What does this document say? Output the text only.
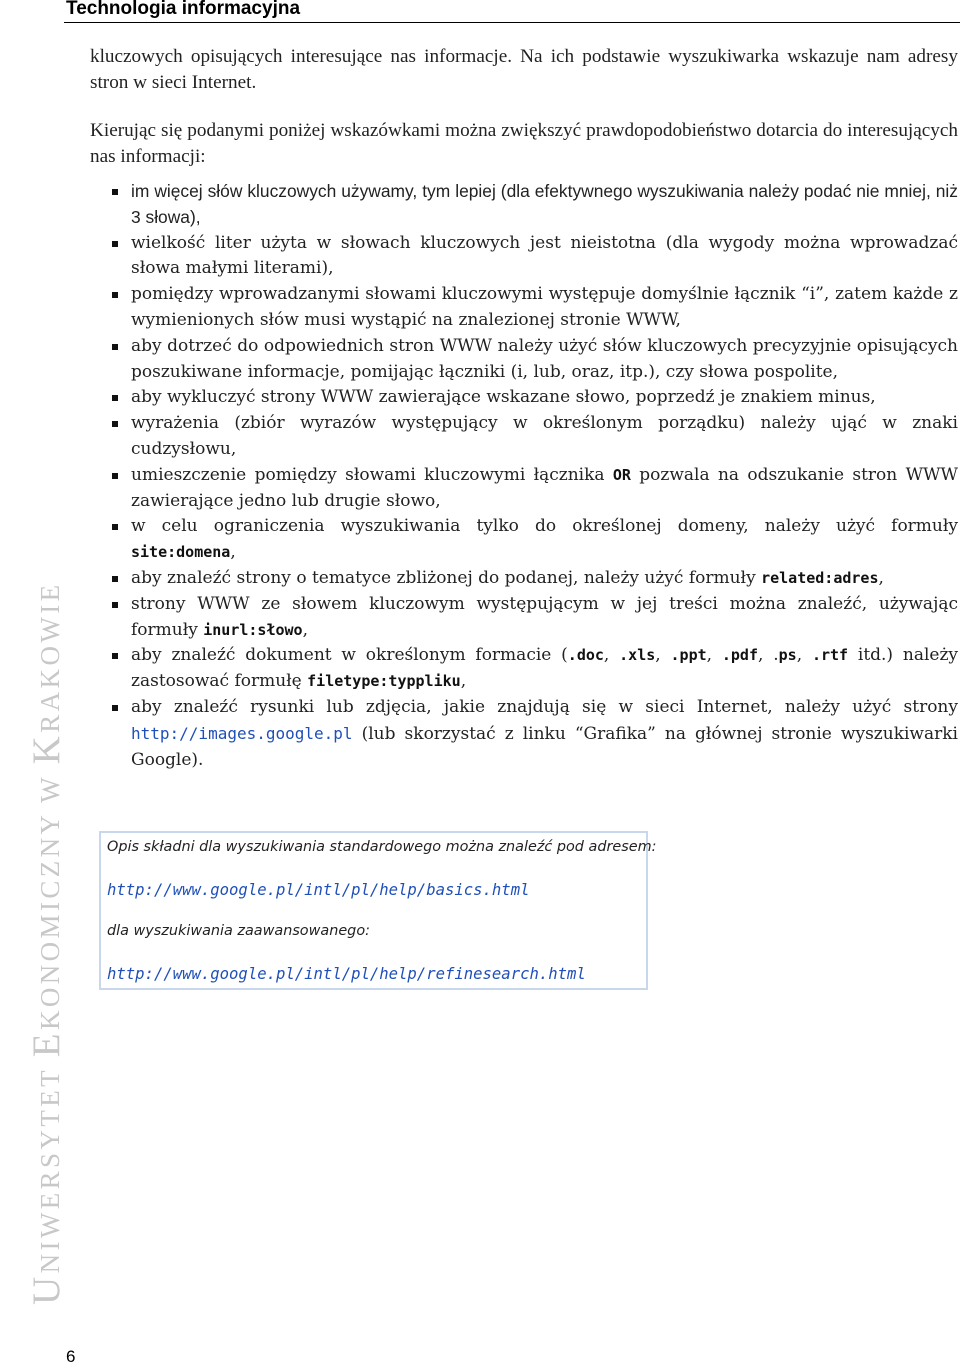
Technologia informacyjna
UNIWERSYTET EKONOMICZNY W KRAKOWIE

kluczowych opisujących interesujące nas informacje. Na ich podstawie wyszukiwarka wskazuje nam adresy stron w sieci Internet.

Kierując się podanymi poniżej wskazówkami można zwiększyć prawdopodobieństwo dotarcia do interesujących nas informacji:

im więcej słów kluczowych używamy, tym lepiej (dla efektywnego wyszukiwania należy podać nie mniej, niż 3 słowa),
wielkość liter użyta w słowach kluczowych jest nieistotna (dla wygody można wprowadzać słowa małymi literami),
pomiędzy wprowadzanymi słowami kluczowymi występuje domyślnie łącznik “i”, zatem każde z wymienionych słów musi wystąpić na znalezionej stronie WWW,
aby dotrzeć do odpowiednich stron WWW należy użyć słów kluczowych precyzyjnie opisujących poszukiwane informacje, pomijając łączniki (i, lub, oraz, itp.), czy słowa pospolite,
aby wykluczyć strony WWW zawierające wskazane słowo, poprzedź je znakiem minus,
wyrażenia (zbiór wyrazów występujący w określonym porządku) należy ująć w znaki cudzysłowu,
umieszczenie pomiędzy słowami kluczowymi łącznika OR pozwala na odszukanie stron WWW zawierające jedno lub drugie słowo,
w celu ograniczenia wyszukiwania tylko do określonej domeny, należy użyć formuły site:domena,
aby znaleźć strony o tematyce zbliżonej do podanej, należy użyć formuły related:adres,
strony WWW ze słowem kluczowym występującym w jej treści można znaleźć, używając formuły inurl:słowo,
aby znaleźć dokument w określonym formacie (.doc, .xls, .ppt, .pdf, .ps, .rtf itd.) należy zastosować formułę filetype:typpliku,
aby znaleźć rysunki lub zdjęcia, jakie znajdują się w sieci Internet, należy użyć strony http://images.google.pl (lub skorzystać z linku “Grafika” na głównej stronie wyszukiwarki Google).
Opis składni dla wyszukiwania standardowego można znaleźć pod adresem:
http://www.google.pl/intl/pl/help/basics.html
dla wyszukiwania zaawansowanego:
http://www.google.pl/intl/pl/help/refinesearch.html
6
